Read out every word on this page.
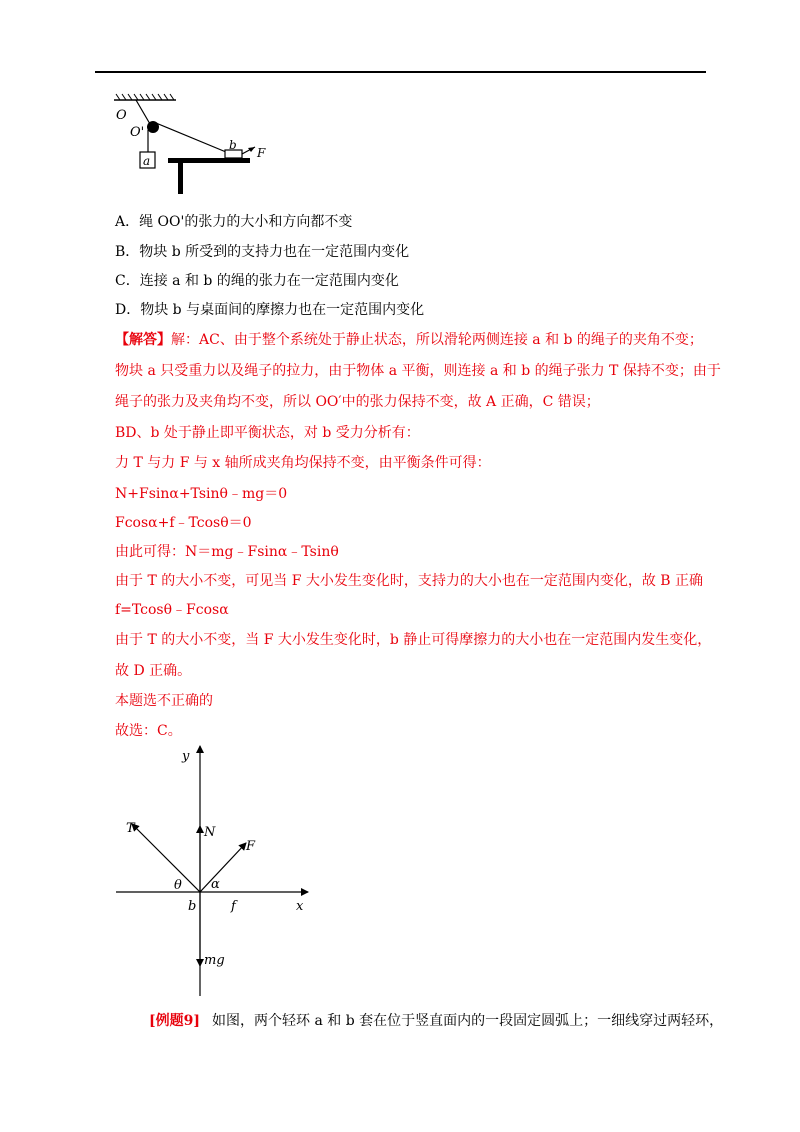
O
O'
a
b
F
A．绳 OO'的张力的大小和方向都不变
B．物块 b 所受到的支持力也在一定范围内变化
C．连接 a 和 b 的绳的张力在一定范围内变化
D．物块 b 与桌面间的摩擦力也在一定范围内变化
【解答】解：AC、由于整个系统处于静止状态，所以滑轮两侧连接 a 和 b 的绳子的夹角不变；
物块 a 只受重力以及绳子的拉力，由于物体 a 平衡，则连接 a 和 b 的绳子张力 T 保持不变；由于
绳子的张力及夹角均不变，所以 OO′中的张力保持不变，故 A 正确，C 错误；
BD、b 处于静止即平衡状态，对 b 受力分析有：
力 T 与力 F 与 x 轴所成夹角均保持不变，由平衡条件可得：
N+Fsinα+Tsinθ﹣mg＝0
Fcosα+f﹣Tcosθ＝0
由此可得：N＝mg﹣Fsinα﹣Tsinθ
由于 T 的大小不变，可见当 F 大小发生变化时，支持力的大小也在一定范围内变化，故 B 正确
f=Tcosθ﹣Fcosα
由于 T 的大小不变，当 F 大小发生变化时，b 静止可得摩擦力的大小也在一定范围内发生变化，
故 D 正确。
本题选不正确的
故选：C。
y
x
T	N
F
θ α
b	f
mg
[例题9] 如图，两个轻环 a 和 b 套在位于竖直面内的一段固定圆弧上；一细线穿过两轻环，
